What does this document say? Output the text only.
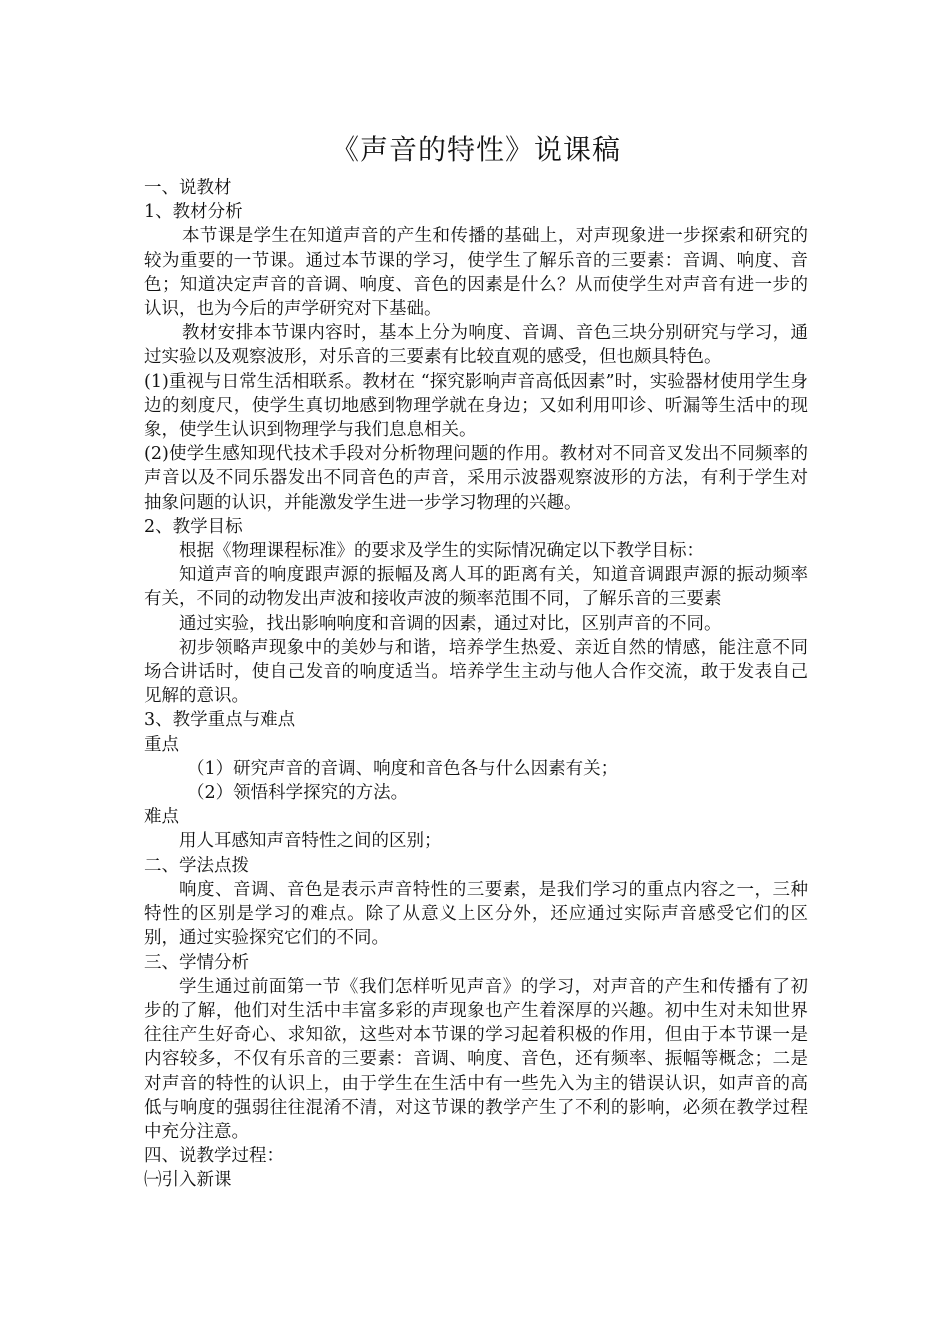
《声音的特性》说课稿

一、说教材

1、教材分析

本节课是学生在知道声音的产生和传播的基础上，对声现象进一步探索和研究的较为重要的一节课。通过本节课的学习，使学生了解乐音的三要素：音调、响度、音色；知道决定声音的音调、响度、音色的因素是什么？从而使学生对声音有进一步的认识，也为今后的声学研究对下基础。

教材安排本节课内容时，基本上分为响度、音调、音色三块分别研究与学习，通过实验以及观察波形，对乐音的三要素有比较直观的感受，但也颇具特色。

(1)重视与日常生活相联系。教材在 “探究影响声音高低因素”时，实验器材使用学生身边的刻度尺，使学生真切地感到物理学就在身边；又如利用叩诊、听漏等生活中的现象，使学生认识到物理学与我们息息相关。

(2)使学生感知现代技术手段对分析物理问题的作用。教材对不同音叉发出不同频率的声音以及不同乐器发出不同音色的声音，采用示波器观察波形的方法，有利于学生对抽象问题的认识，并能激发学生进一步学习物理的兴趣。

2、教学目标

根据《物理课程标准》的要求及学生的实际情况确定以下教学目标：

知道声音的响度跟声源的振幅及离人耳的距离有关，知道音调跟声源的振动频率有关，不同的动物发出声波和接收声波的频率范围不同，了解乐音的三要素

通过实验，找出影响响度和音调的因素，通过对比，区别声音的不同。

初步领略声现象中的美妙与和谐，培养学生热爱、亲近自然的情感，能注意不同场合讲话时，使自己发音的响度适当。培养学生主动与他人合作交流，敢于发表自己见解的意识。

3、教学重点与难点

重点

（1）研究声音的音调、响度和音色各与什么因素有关；

（2）领悟科学探究的方法。

难点

用人耳感知声音特性之间的区别；

二、学法点拨

响度、音调、音色是表示声音特性的三要素，是我们学习的重点内容之一，三种特性的区别是学习的难点。除了从意义上区分外，还应通过实际声音感受它们的区别，通过实验探究它们的不同。

三、学情分析

学生通过前面第一节《我们怎样听见声音》的学习，对声音的产生和传播有了初步的了解，他们对生活中丰富多彩的声现象也产生着深厚的兴趣。初中生对未知世界往往产生好奇心、求知欲，这些对本节课的学习起着积极的作用，但由于本节课一是内容较多，不仅有乐音的三要素：音调、响度、音色，还有频率、振幅等概念；二是对声音的特性的认识上，由于学生在生活中有一些先入为主的错误认识，如声音的高低与响度的强弱往往混淆不清，对这节课的教学产生了不利的影响，必须在教学过程中充分注意。

四、说教学过程：

㈠引入新课
